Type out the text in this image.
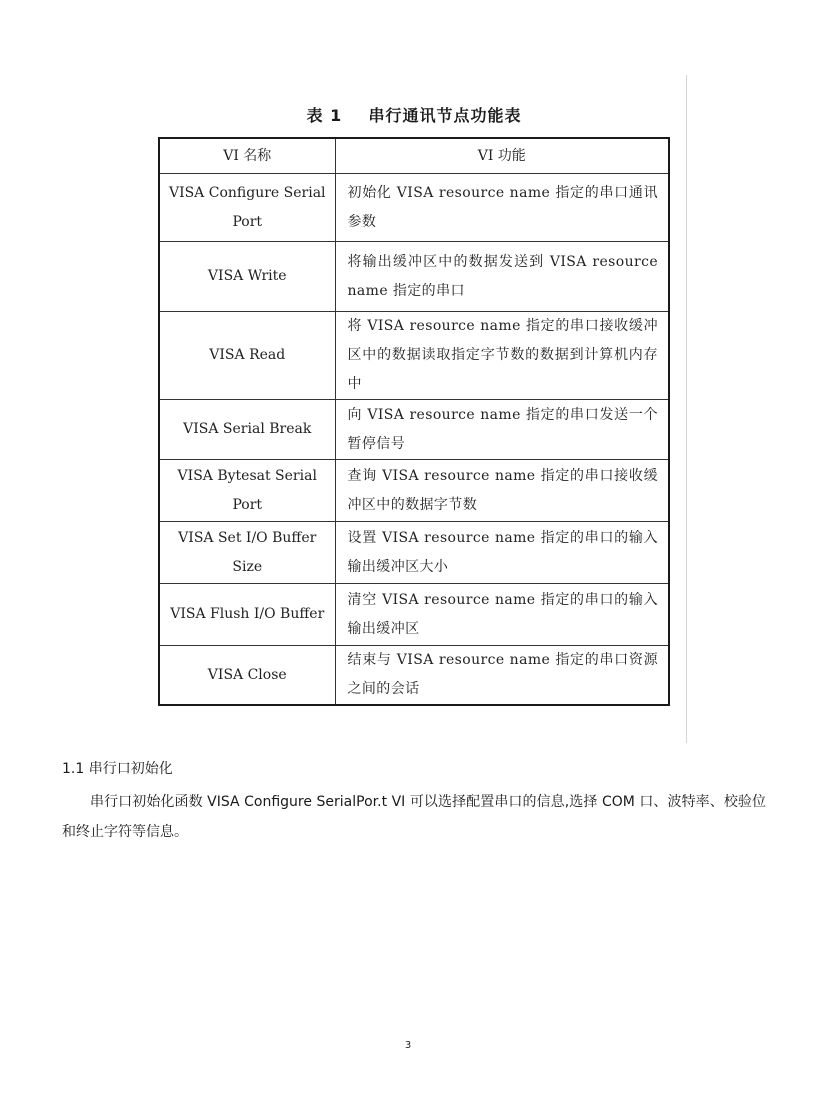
表 1    串行通讯节点功能表
VI 名称	VI 功能
VISA Configure Serial Port	初始化 VISA resource name 指定的串口通讯参数
VISA Write	将输出缓冲区中的数据发送到 VISA resource name 指定的串口
VISA Read	将 VISA resource name 指定的串口接收缓冲区中的数据读取指定字节数的数据到计算机内存中
VISA Serial Break	向 VISA resource name 指定的串口发送一个暂停信号
VISA Bytesat Serial Port	查询 VISA resource name 指定的串口接收缓冲区中的数据字节数
VISA Set I/O Buffer Size	设置 VISA resource name 指定的串口的输入输出缓冲区大小
VISA Flush I/O Buffer	清空 VISA resource name 指定的串口的输入输出缓冲区
VISA Close	结束与 VISA resource name 指定的串口资源之间的会话
1.1 串行口初始化

串行口初始化函数 VISA Configure SerialPor.t VI 可以选择配置串口的信息,选择 COM 口、波特率、校验位和终止字符等信息。

3
